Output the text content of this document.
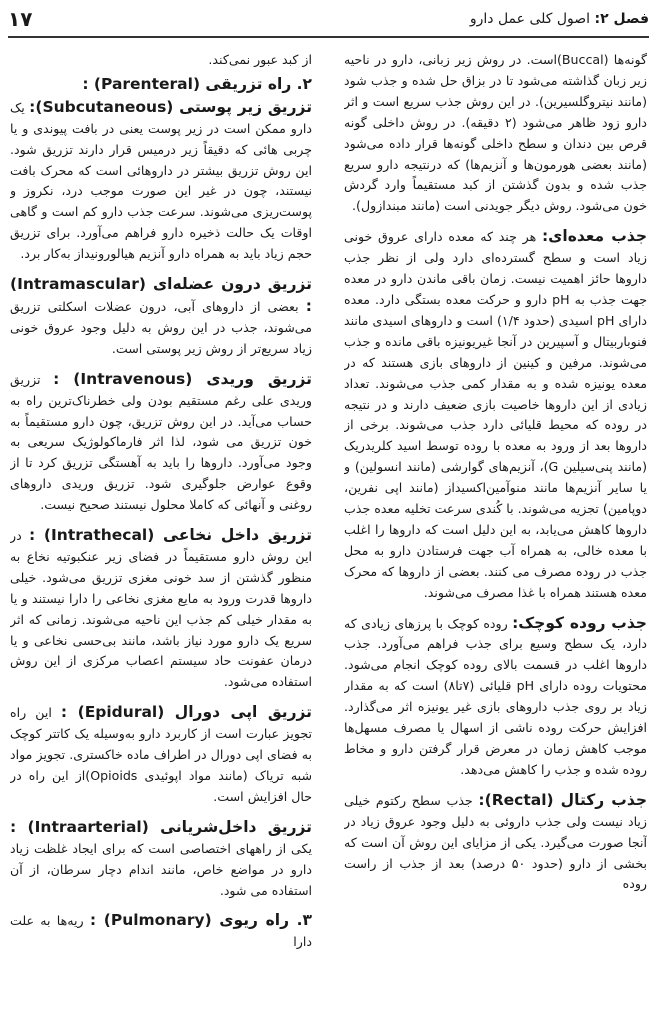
فصل ۲: اصول کلی عمل دارو
۱۷

گونه‌ها (Buccal)است. در روش زیر زبانی، دارو در ناحیه زیر زبان گذاشته می‌شود تا در بزاق حل شده و جذب شود (مانند نیتروگلسیرین). در این روش جذب سریع است و اثر دارو زود ظاهر می‌شود (۲ دقیقه). در روش داخلی گونه قرص بین دندان و سطح داخلی گونه‌ها قرار داده می‌شود (مانند بعضی هورمون‌ها و آنزیم‌ها) که درنتیجه دارو سریع جذب شده و بدون گذشتن از کبد مستقیماً وارد گردش خون می‌شود. روش دیگر جویدنی است (مانند مبندازول).

جذب معده‌ای: هر چند که معده دارای عروق خونی زیاد است و سطح گسترده‌ای دارد ولی از نظر جذب داروها حائز اهمیت نیست. زمان باقی ماندن دارو در معده جهت جذب به pH دارو و حرکت معده بستگی دارد. معده دارای pH اسیدی (حدود ۱/۴) است و داروهای اسیدی مانند فنوباربیتال و آسپیرین در آنجا غیریونیزه باقی مانده و جذب می‌شوند. مرفین و کینین از داروهای بازی هستند که در معده یونیزه شده و به مقدار کمی جذب می‌شوند. تعداد زیادی از این داروها خاصیت بازی ضعیف دارند و در نتیجه در روده که محیط قلیائی دارد جذب می‌شوند. برخی از داروها بعد از ورود به معده با روده توسط اسید کلریدریک (مانند پنی‌سیلین G)، آنزیم‌های گوارشی (مانند انسولین) و یا سایر آنزیم‌ها مانند منوآمین‌اکسیداز (مانند اپی نفرین، دوپامین) تجزیه می‌شوند. با کُندی سرعت تخلیه معده جذب داروها کاهش می‌یابد، به این دلیل است که داروها را اغلب با معده خالی، به همراه آب جهت فرستادن دارو به محل جذب در روده مصرف می کنند. بعضی از داروها که محرک معده هستند همراه با غذا مصرف می‌شوند.

جذب روده کوچک: روده کوچک با پرزهای زیادی که دارد، یک سطح وسیع برای جذب فراهم می‌آورد. جذب داروها اغلب در قسمت بالای روده کوچک انجام می‌شود. محتویات روده دارای pH قلیائی (۷تا۸) است که به مقدار زیاد بر روی جذب داروهای بازی غیر یونیزه اثر می‌گذارد. افزایش حرکت روده ناشی از اسهال یا مصرف مسهل‌ها موجب کاهش زمان در معرض قرار گرفتن دارو و مخاط روده شده و جذب را کاهش می‌دهد.

جذب رکتال (Rectal): جذب سطح رکتوم خیلی زیاد نیست ولی جذب داروئی به دلیل وجود عروق زیاد در آنجا صورت می‌گیرد. یکی از مزایای این روش آن است که بخشی از دارو (حدود ۵۰ درصد) بعد از جذب از راست روده

از کبد عبور نمی‌کند.

۲. راه تزریقی (Parenteral) :

تزریق زیر پوستی (Subcutaneous): یک دارو ممکن است در زیر پوست یعنی در بافت پیوندی و یا چربی هائی که دقیقاً زیر درمیس قرار دارند تزریق شود. این روش تزریق بیشتر در داروهائی است که محرک بافت نیستند، چون در غیر این صورت موجب درد، نکروز و پوست‌ریزی می‌شوند. سرعت جذب دارو کم است و گاهی اوقات یک حالت ذخیره دارو فراهم می‌آورد. برای تزریق حجم زیاد باید به همراه دارو آنزیم هیالورونیداز به‌کار برد.

تزریق درون عضله‌ای (Intramascular) : بعضی از داروهای آبی، درون عضلات اسکلتی تزریق می‌شوند، جذب در این روش به دلیل وجود عروق خونی زیاد سریع‌تر از روش زیر پوستی است.

تزریق وریدی (Intravenous) : تزریق وریدی علی رغم مستقیم بودن ولی خطرناک‌ترین راه به حساب می‌آید. در این روش تزریق، چون دارو مستقیماً به خون تزریق می شود، لذا اثر فارماکولوژیک سریعی به وجود می‌آورد. داروها را باید به آهستگی تزریق کرد تا از وقوع عوارض جلوگیری شود. تزریق وریدی داروهای روغنی و آنهائی که کاملا محلول نیستند صحیح نیست.

تزریق داخل نخاعی (Intrathecal) : در این روش دارو مستقیماً در فضای زیر عنکبوتیه نخاع به منظور گذشتن از سد خونی مغزی تزریق می‌شود. خیلی داروها قدرت ورود به مایع مغزی نخاعی را دارا نیستند و یا به مقدار خیلی کم جذب این ناحیه می‌شوند. زمانی که اثر سریع یک دارو مورد نیاز باشد، مانند بی‌حسی نخاعی و یا درمان عفونت حاد سیستم اعصاب مرکزی از این روش استفاده می‌شود.

تزریق اپی دورال (Epidural) : این راه تجویز عبارت است از کاربرد دارو به‌وسیله یک کاتتر کوچک به فضای اپی دورال در اطراف ماده خاکستری. تجویز مواد شبه تریاک (مانند مواد اپوئیدی Opioids)از این راه در حال افزایش است.

تزریق داخل‌شریانی (Intraarterial) : یکی از راههای اختصاصی است که برای ایجاد غلظت زیاد دارو در مواضع خاص، مانند اندام دچار سرطان، از آن استفاده می شود.

۳. راه ریوی (Pulmonary) : ریه‌ها به علت دارا
